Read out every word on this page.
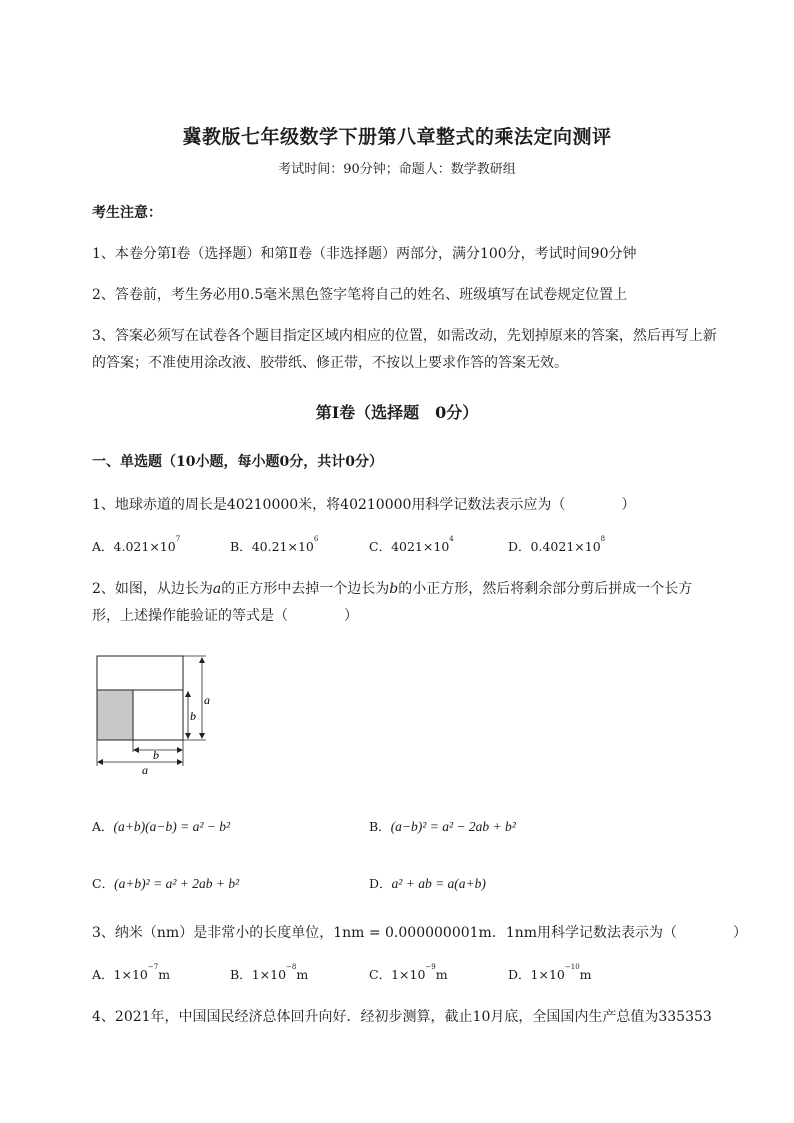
冀教版七年级数学下册第八章整式的乘法定向测评
考试时间：90分钟；命题人：数学教研组
考生注意：
1、本卷分第I卷（选择题）和第Ⅱ卷（非选择题）两部分，满分100分，考试时间90分钟
2、答卷前，考生务必用0.5毫米黑色签字笔将自己的姓名、班级填写在试卷规定位置上
3、答案必须写在试卷各个题目指定区域内相应的位置，如需改动，先划掉原来的答案，然后再写上新
的答案；不准使用涂改液、胶带纸、修正带，不按以上要求作答的答案无效。
第I卷（选择题　0分）
一、单选题（10小题，每小题0分，共计0分）
1、地球赤道的周长是40210000米，将40210000用科学记数法表示应为（　　　　）
A．$4.021\times 10^7$	B．$40.21\times 10^6$	C．$4021\times 10^4$	D．$0.4021\times 10^8$
2、如图，从边长为a的正方形中去掉一个边长为b的小正方形，然后将剩余部分剪后拼成一个长方
形，上述操作能验证的等式是（　　　　）
a
b
b
a
A．(a+b)(a−b) = a² − b²	B．(a−b)² = a² − 2ab + b²
C．(a+b)² = a² + 2ab + b²	D．a² + ab = a(a+b)
3、纳米（nm）是非常小的长度单位，1nm = 0.000000001m．1nm用科学记数法表示为（　　　　）
A．$1\times 10^{-7}m$	B．$1\times 10^{-8}m$	C．$1\times 10^{-9}m$	D．$1\times 10^{-10}m$
4、2021年，中国国民经济总体回升向好．经初步测算，截止10月底，全国国内生产总值为335353
